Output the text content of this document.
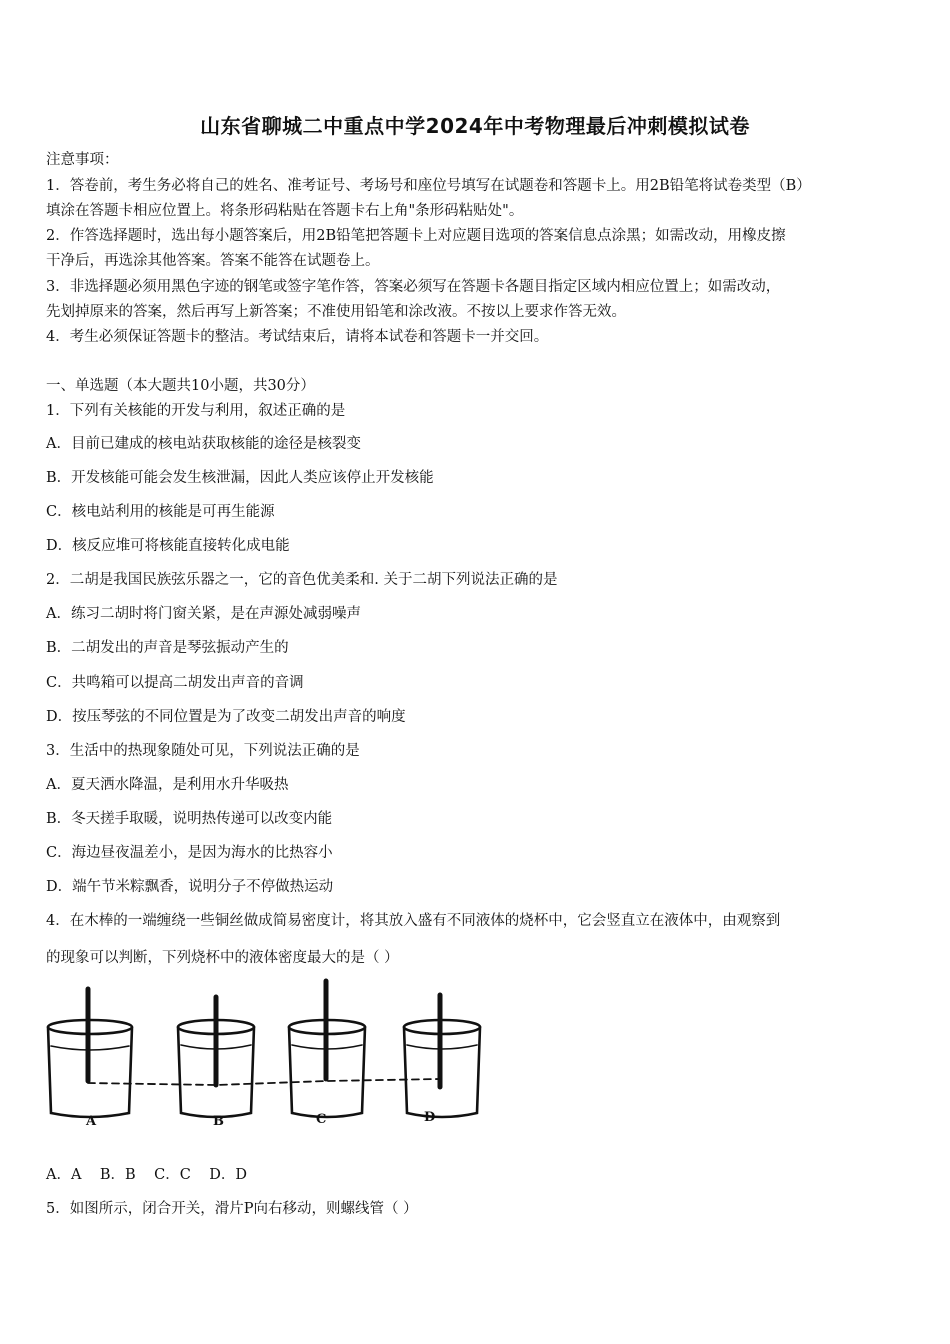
山东省聊城二中重点中学2024年中考物理最后冲刺模拟试卷
注意事项：
1．答卷前，考生务必将自己的姓名、准考证号、考场号和座位号填写在试题卷和答题卡上。用2B铅笔将试卷类型（B）
填涂在答题卡相应位置上。将条形码粘贴在答题卡右上角"条形码粘贴处"。
2．作答选择题时，选出每小题答案后，用2B铅笔把答题卡上对应题目选项的答案信息点涂黑；如需改动，用橡皮擦
干净后，再选涂其他答案。答案不能答在试题卷上。
3．非选择题必须用黑色字迹的钢笔或签字笔作答，答案必须写在答题卡各题目指定区域内相应位置上；如需改动，
先划掉原来的答案，然后再写上新答案；不准使用铅笔和涂改液。不按以上要求作答无效。
4．考生必须保证答题卡的整洁。考试结束后，请将本试卷和答题卡一并交回。
一、单选题（本大题共10小题，共30分）
1．下列有关核能的开发与利用，叙述正确的是
A．目前已建成的核电站获取核能的途径是核裂变
B．开发核能可能会发生核泄漏，因此人类应该停止开发核能
C．核电站利用的核能是可再生能源
D．核反应堆可将核能直接转化成电能
2．二胡是我国民族弦乐器之一，它的音色优美柔和. 关于二胡下列说法正确的是
A．练习二胡时将门窗关紧，是在声源处减弱噪声
B．二胡发出的声音是琴弦振动产生的
C．共鸣箱可以提高二胡发出声音的音调
D．按压琴弦的不同位置是为了改变二胡发出声音的响度
3．生活中的热现象随处可见，下列说法正确的是
A．夏天洒水降温，是利用水升华吸热
B．冬天搓手取暖，说明热传递可以改变内能
C．海边昼夜温差小，是因为海水的比热容小
D．端午节米粽飘香，说明分子不停做热运动
4．在木棒的一端缠绕一些铜丝做成简易密度计，将其放入盛有不同液体的烧杯中，它会竖直立在液体中，由观察到
的现象可以判断，下列烧杯中的液体密度最大的是（ ）
A	B	C	D
A．A    B．B    C．C    D．D
5．如图所示，闭合开关，滑片P向右移动，则螺线管（ ）
